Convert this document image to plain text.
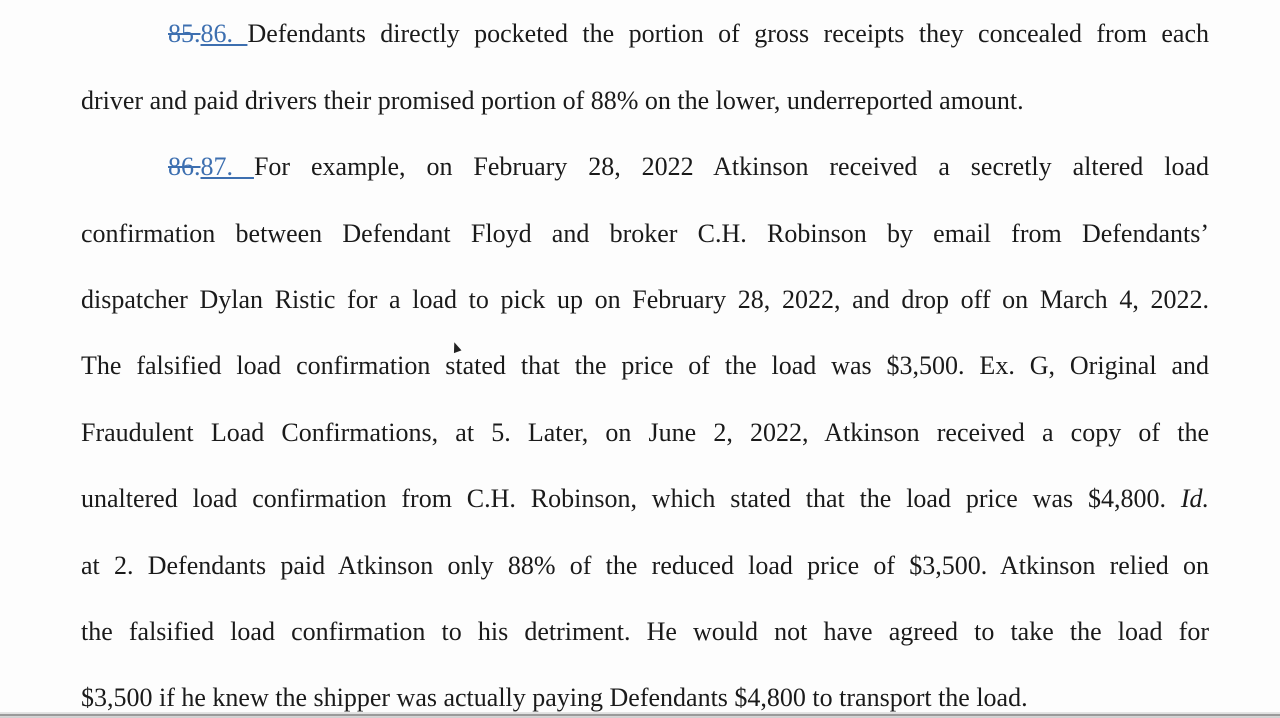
85.86. Defendants directly pocketed the portion of gross receipts they concealed from each
driver and paid drivers their promised portion of 88% on the lower, underreported amount.
86.87. For example, on February 28, 2022 Atkinson received a secretly altered load
confirmation between Defendant Floyd and broker C.H. Robinson by email from Defendants’
dispatcher Dylan Ristic for a load to pick up on February 28, 2022, and drop off on March 4, 2022.
The falsified load confirmation stated that the price of the load was $3,500. Ex. G, Original and
Fraudulent Load Confirmations, at 5. Later, on June 2, 2022, Atkinson received a copy of the
unaltered load confirmation from C.H. Robinson, which stated that the load price was $4,800. Id.
at 2. Defendants paid Atkinson only 88% of the reduced load price of $3,500. Atkinson relied on
the falsified load confirmation to his detriment. He would not have agreed to take the load for
$3,500 if he knew the shipper was actually paying Defendants $4,800 to transport the load.
